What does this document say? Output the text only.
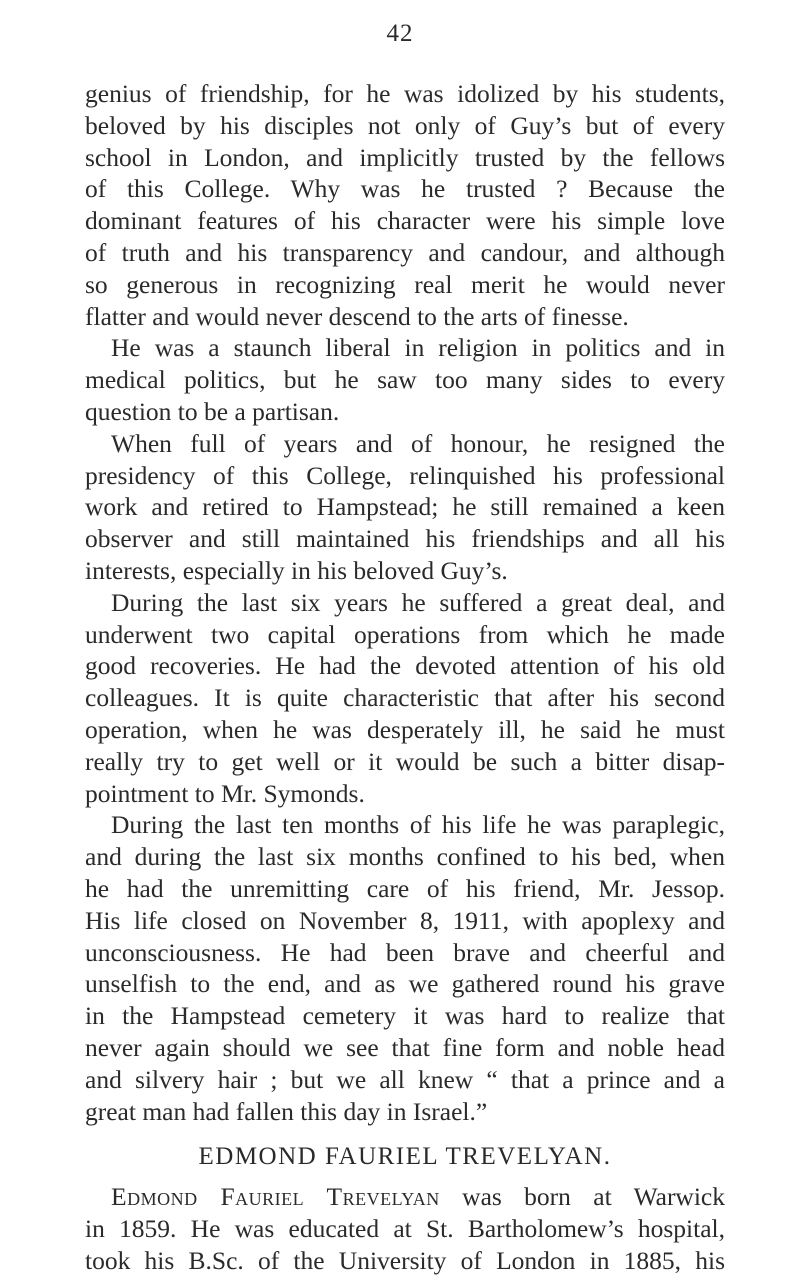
42
genius of friendship, for he was idolized by his students,
beloved by his disciples not only of Guy’s but of every
school in London, and implicitly trusted by the fellows
of this College. Why was he trusted ? Because the
dominant features of his character were his simple love
of truth and his transparency and candour, and although
so generous in recognizing real merit he would never
flatter and would never descend to the arts of finesse.
He was a staunch liberal in religion in politics and in
medical politics, but he saw too many sides to every
question to be a partisan.
When full of years and of honour, he resigned the
presidency of this College, relinquished his professional
work and retired to Hampstead; he still remained a keen
observer and still maintained his friendships and all his
interests, especially in his beloved Guy’s.
During the last six years he suffered a great deal, and
underwent two capital operations from which he made
good recoveries. He had the devoted attention of his old
colleagues. It is quite characteristic that after his second
operation, when he was desperately ill, he said he must
really try to get well or it would be such a bitter disap-
pointment to Mr. Symonds.
During the last ten months of his life he was paraplegic,
and during the last six months confined to his bed, when
he had the unremitting care of his friend, Mr. Jessop.
His life closed on November 8, 1911, with apoplexy and
unconsciousness. He had been brave and cheerful and
unselfish to the end, and as we gathered round his grave
in the Hampstead cemetery it was hard to realize that
never again should we see that fine form and noble head
and silvery hair ; but we all knew “ that a prince and a
great man had fallen this day in Israel.”
EDMOND FAURIEL TREVELYAN.
Edmond Fauriel Trevelyan was born at Warwick
in 1859. He was educated at St. Bartholomew’s hospital,
took his B.Sc. of the University of London in 1885, his
